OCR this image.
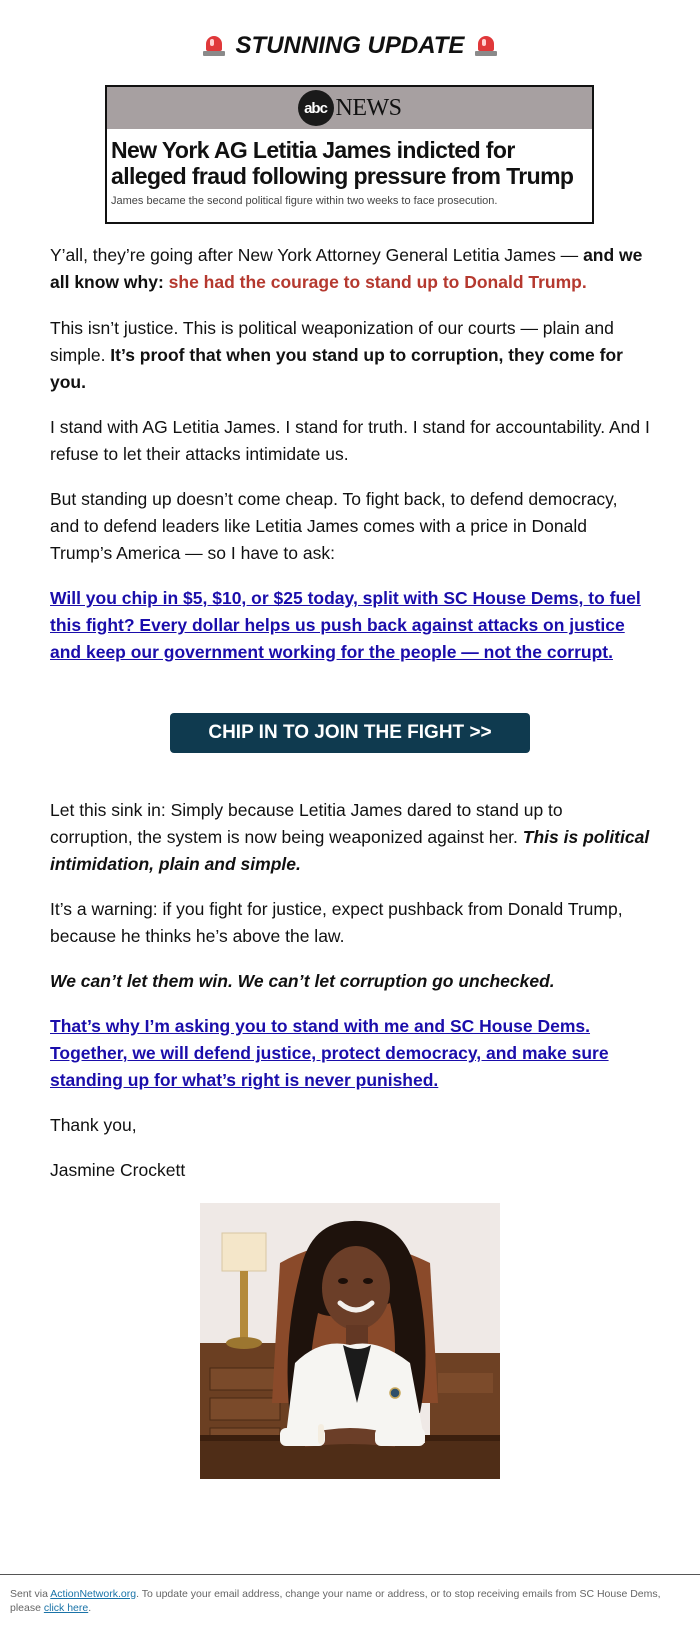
STUNNING UPDATE
abc NEWS
New York AG Letitia James indicted for alleged fraud following pressure from Trump
James became the second political figure within two weeks to face prosecution.

Y’all, they’re going after New York Attorney General Letitia James — and we all know why: she had the courage to stand up to Donald Trump.

This isn’t justice. This is political weaponization of our courts — plain and simple. It’s proof that when you stand up to corruption, they come for you.

I stand with AG Letitia James. I stand for truth. I stand for accountability. And I refuse to let their attacks intimidate us.

But standing up doesn’t come cheap. To fight back, to defend democracy, and to defend leaders like Letitia James comes with a price in Donald Trump’s America — so I have to ask:

Will you chip in $5, $10, or $25 today, split with SC House Dems, to fuel this fight? Every dollar helps us push back against attacks on justice and keep our government working for the people — not the corrupt.
CHIP IN TO JOIN THE FIGHT >>

Let this sink in: Simply because Letitia James dared to stand up to corruption, the system is now being weaponized against her. This is political intimidation, plain and simple.

It’s a warning: if you fight for justice, expect pushback from Donald Trump, because he thinks he’s above the law.

We can’t let them win. We can’t let corruption go unchecked.

That’s why I’m asking you to stand with me and SC House Dems. Together, we will defend justice, protect democracy, and make sure standing up for what’s right is never punished.

Thank you,

Jasmine Crockett

Sent via ActionNetwork.org. To update your email address, change your name or address, or to stop receiving emails from SC House Dems, please click here.
